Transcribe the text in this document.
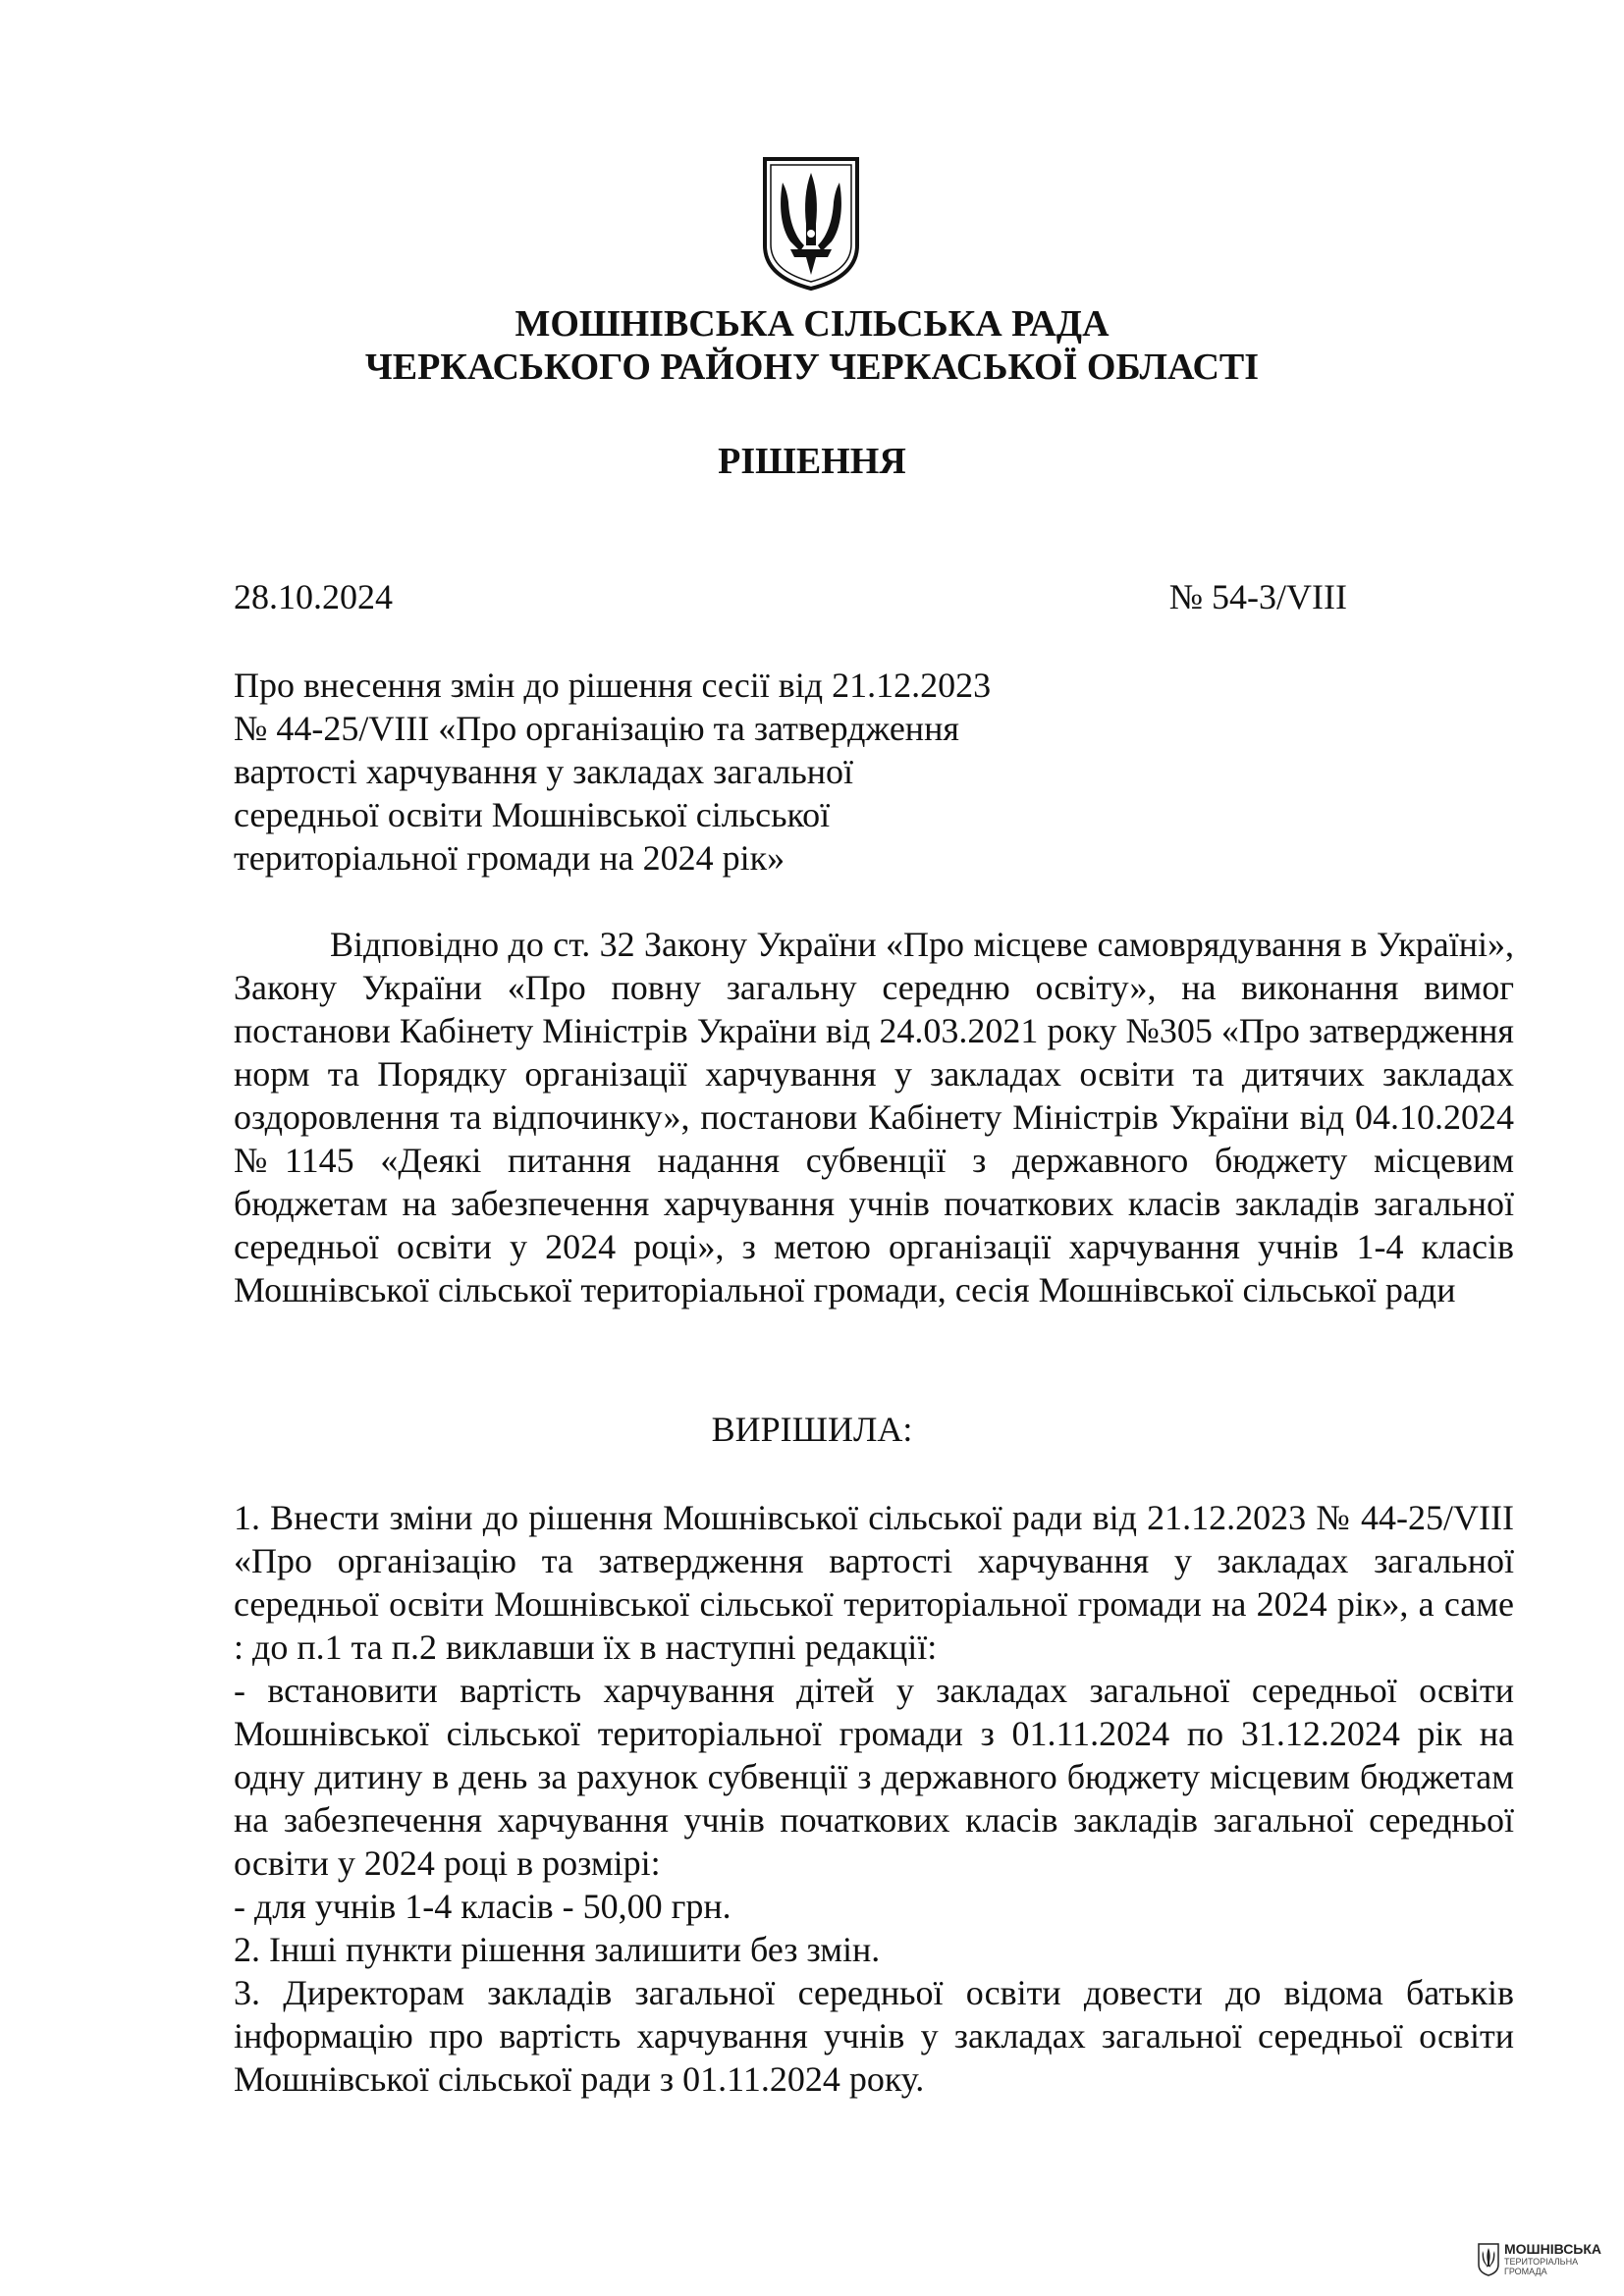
МОШНІВСЬКА СІЛЬСЬКА РАДА
ЧЕРКАСЬКОГО РАЙОНУ ЧЕРКАСЬКОЇ ОБЛАСТІ
РІШЕННЯ
28.10.2024	№ 54-3/VIII
Про внесення змін до рішення сесії від 21.12.2023
№ 44-25/VIII «Про організацію та затвердження
вартості харчування у закладах загальної
середньої освіти Мошнівської сільської
територіальної громади на 2024 рік»
Відповідно до ст. 32 Закону України «Про місцеве самоврядування в Україні», Закону України «Про повну загальну середню освіту», на виконання вимог постанови Кабінету Міністрів України від 24.03.2021 року №305 «Про затвердження норм та Порядку організації харчування у закладах освіти та дитячих закладах оздоровлення та відпочинку», постанови Кабінету Міністрів України від 04.10.2024 №1145 «Деякі питання надання субвенції з державного бюджету місцевим бюджетам на забезпечення харчування учнів початкових класів закладів загальної середньої освіти у 2024 році», з метою організації харчування учнів 1-4 класів Мошнівської сільської територіальної громади, сесія Мошнівської сільської ради
ВИРІШИЛА:

1. Внести зміни до рішення Мошнівської сільської ради від 21.12.2023 № 44-25/VIII «Про організацію та затвердження вартості харчування у закладах загальної середньої освіти Мошнівської сільської територіальної громади на 2024 рік», а саме : до п.1 та п.2 виклавши їх в наступні редакції:

- встановити вартість харчування дітей у закладах загальної середньої освіти Мошнівської сільської територіальної громади з 01.11.2024 по 31.12.2024 рік на одну дитину в день за рахунок субвенції з державного бюджету місцевим бюджетам на забезпечення харчування учнів початкових класів закладів загальної середньої освіти у 2024 році в розмірі:

- для учнів 1-4 класів - 50,00 грн.

2. Інші пункти рішення залишити без змін.

3. Директорам закладів загальної середньої освіти довести до відома батьків інформацію про вартість харчування учнів у закладах загальної середньої освіти Мошнівської сільської ради з 01.11.2024 року.

МОШНІВСЬКА
ТЕРИТОРІАЛЬНА
ГРОМАДА
